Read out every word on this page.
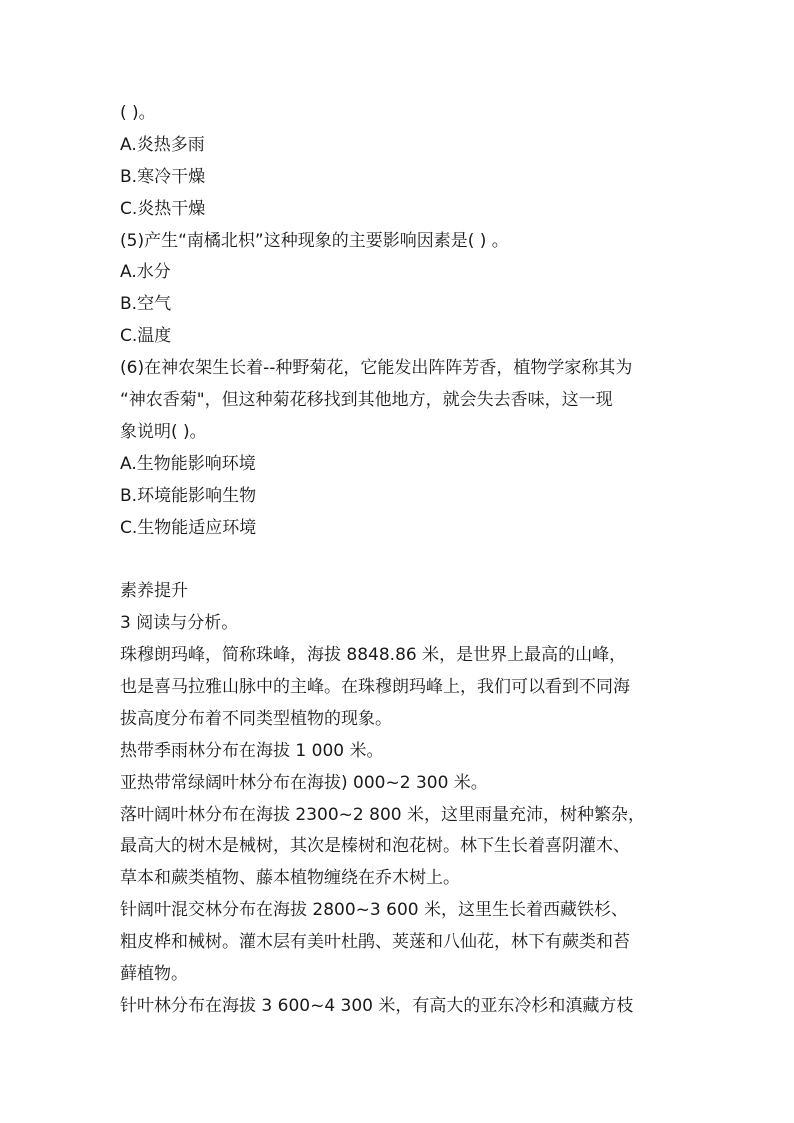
( )。
A.炎热多雨
B.寒冷干燥
C.炎热干燥
(5)产生“南橘北枳”这种现象的主要影响因素是( ) 。
A.水分
B.空气
C.温度
(6)在神农架生长着--种野菊花，它能发出阵阵芳香，植物学家称其为
“神农香菊"，但这种菊花移找到其他地方，就会失去香味，这一现
象说明( )。
A.生物能影响环境
B.环境能影响生物
C.生物能适应环境
素养提升
3 阅读与分析。
珠穆朗玛峰，简称珠峰，海拔 8848.86 米，是世界上最高的山峰，
也是喜马拉雅山脉中的主峰。在珠穆朗玛峰上，我们可以看到不同海
拔高度分布着不同类型植物的现象。
热带季雨林分布在海拔 1 000 米。
亚热带常绿阔叶林分布在海拔) 000~2 300 米。
落叶阔叶林分布在海拔 2300~2 800 米，这里雨量充沛，树种繁杂，
最高大的树木是械树，其次是榛树和泡花树。林下生长着喜阴灌木、
草本和蕨类植物、藤本植物缠绕在乔木树上。
针阔叶混交林分布在海拔 2800~3 600 米，这里生长着西藏铁杉、
粗皮桦和械树。灌木层有美叶杜鹃、荚蒾和八仙花，林下有蕨类和苔
藓植物。
针叶林分布在海拔 3 600~4 300 米，有高大的亚东冷杉和滇藏方枝
